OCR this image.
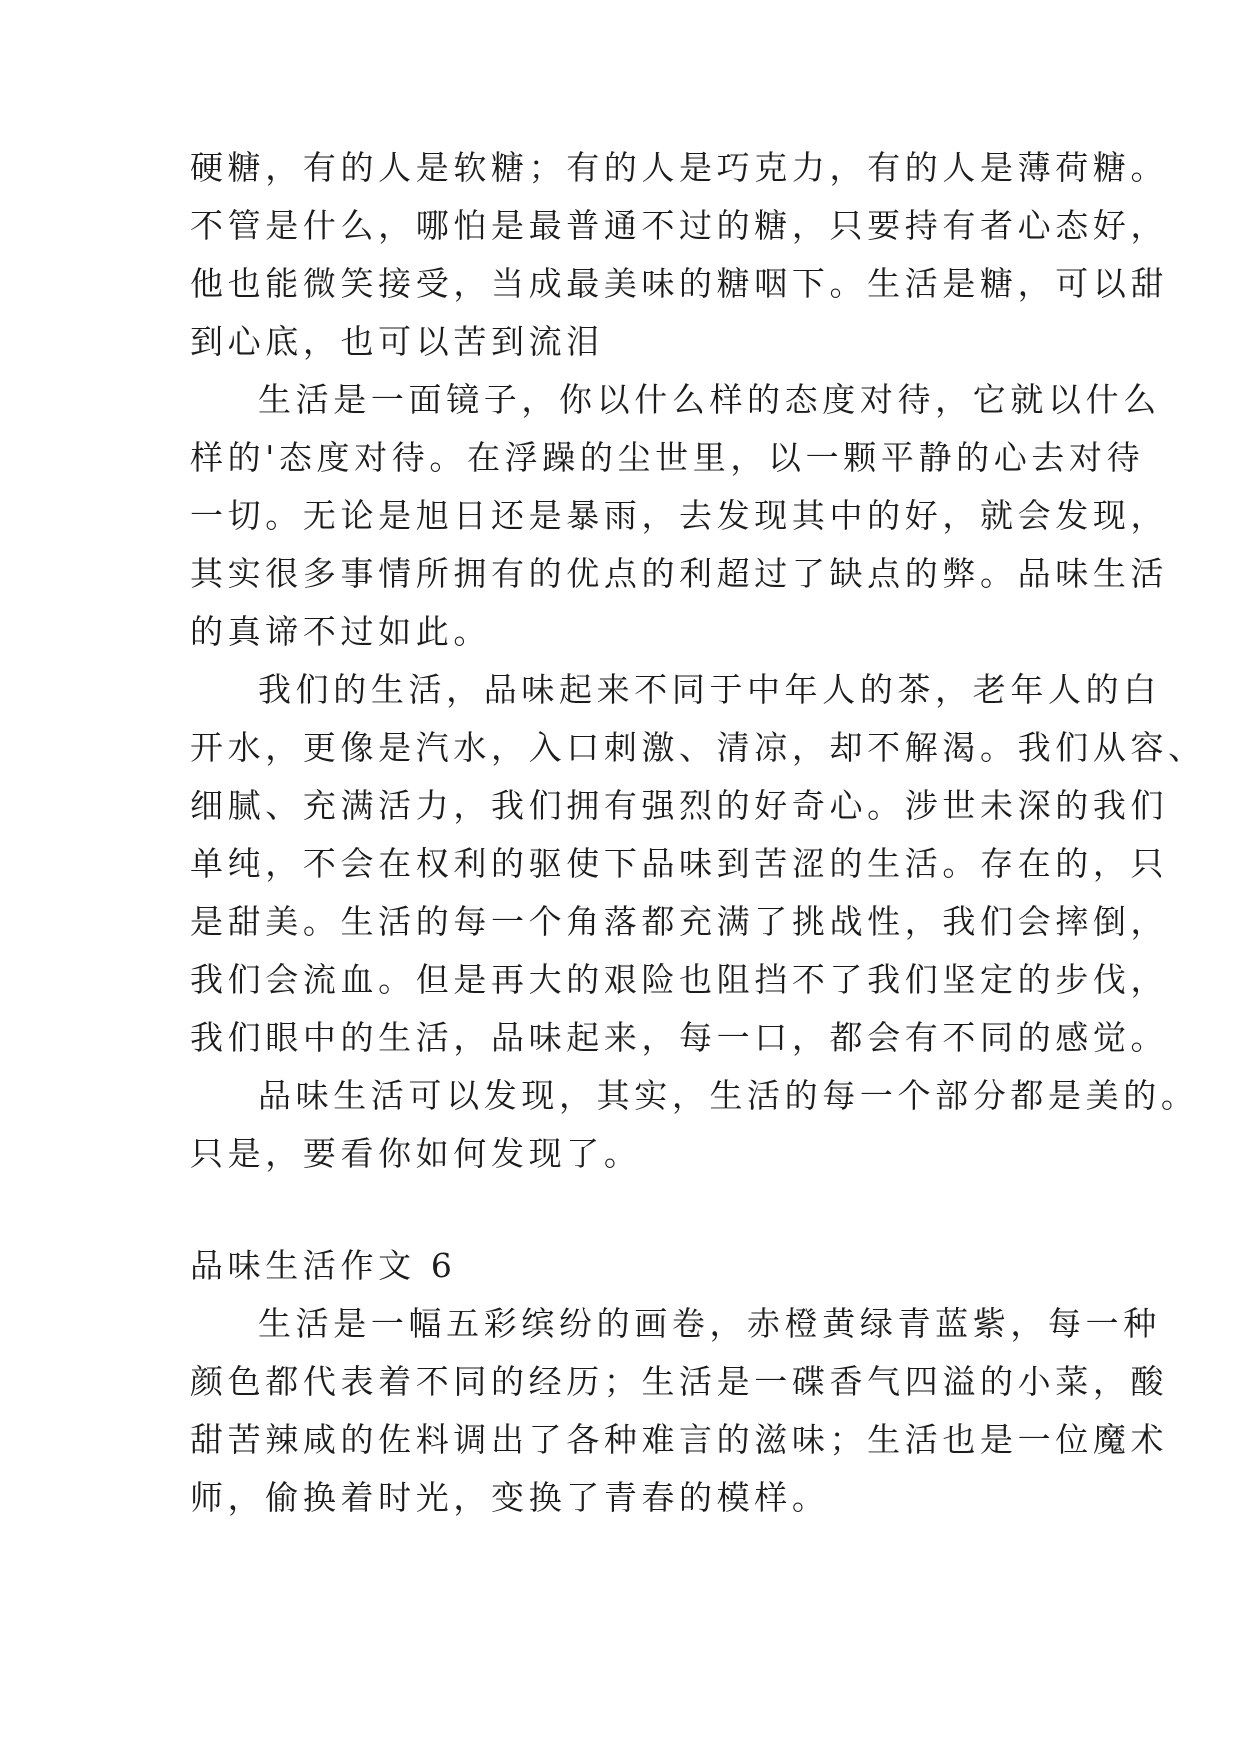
硬糖，有的人是软糖；有的人是巧克力，有的人是薄荷糖。
不管是什么，哪怕是最普通不过的糖，只要持有者心态好，
他也能微笑接受，当成最美味的糖咽下。生活是糖，可以甜
到心底，也可以苦到流泪
生活是一面镜子，你以什么样的态度对待，它就以什么
样的'态度对待。在浮躁的尘世里，以一颗平静的心去对待
一切。无论是旭日还是暴雨，去发现其中的好，就会发现，
其实很多事情所拥有的优点的利超过了缺点的弊。品味生活
的真谛不过如此。
我们的生活，品味起来不同于中年人的茶，老年人的白
开水，更像是汽水，入口刺激、清凉，却不解渴。我们从容、
细腻、充满活力，我们拥有强烈的好奇心。涉世未深的我们
单纯，不会在权利的驱使下品味到苦涩的生活。存在的，只
是甜美。生活的每一个角落都充满了挑战性，我们会摔倒，
我们会流血。但是再大的艰险也阻挡不了我们坚定的步伐，
我们眼中的生活，品味起来，每一口，都会有不同的感觉。
品味生活可以发现，其实，生活的每一个部分都是美的。
只是，要看你如何发现了。
品味生活作文 6
生活是一幅五彩缤纷的画卷，赤橙黄绿青蓝紫，每一种
颜色都代表着不同的经历；生活是一碟香气四溢的小菜，酸
甜苦辣咸的佐料调出了各种难言的滋味；生活也是一位魔术
师，偷换着时光，变换了青春的模样。
